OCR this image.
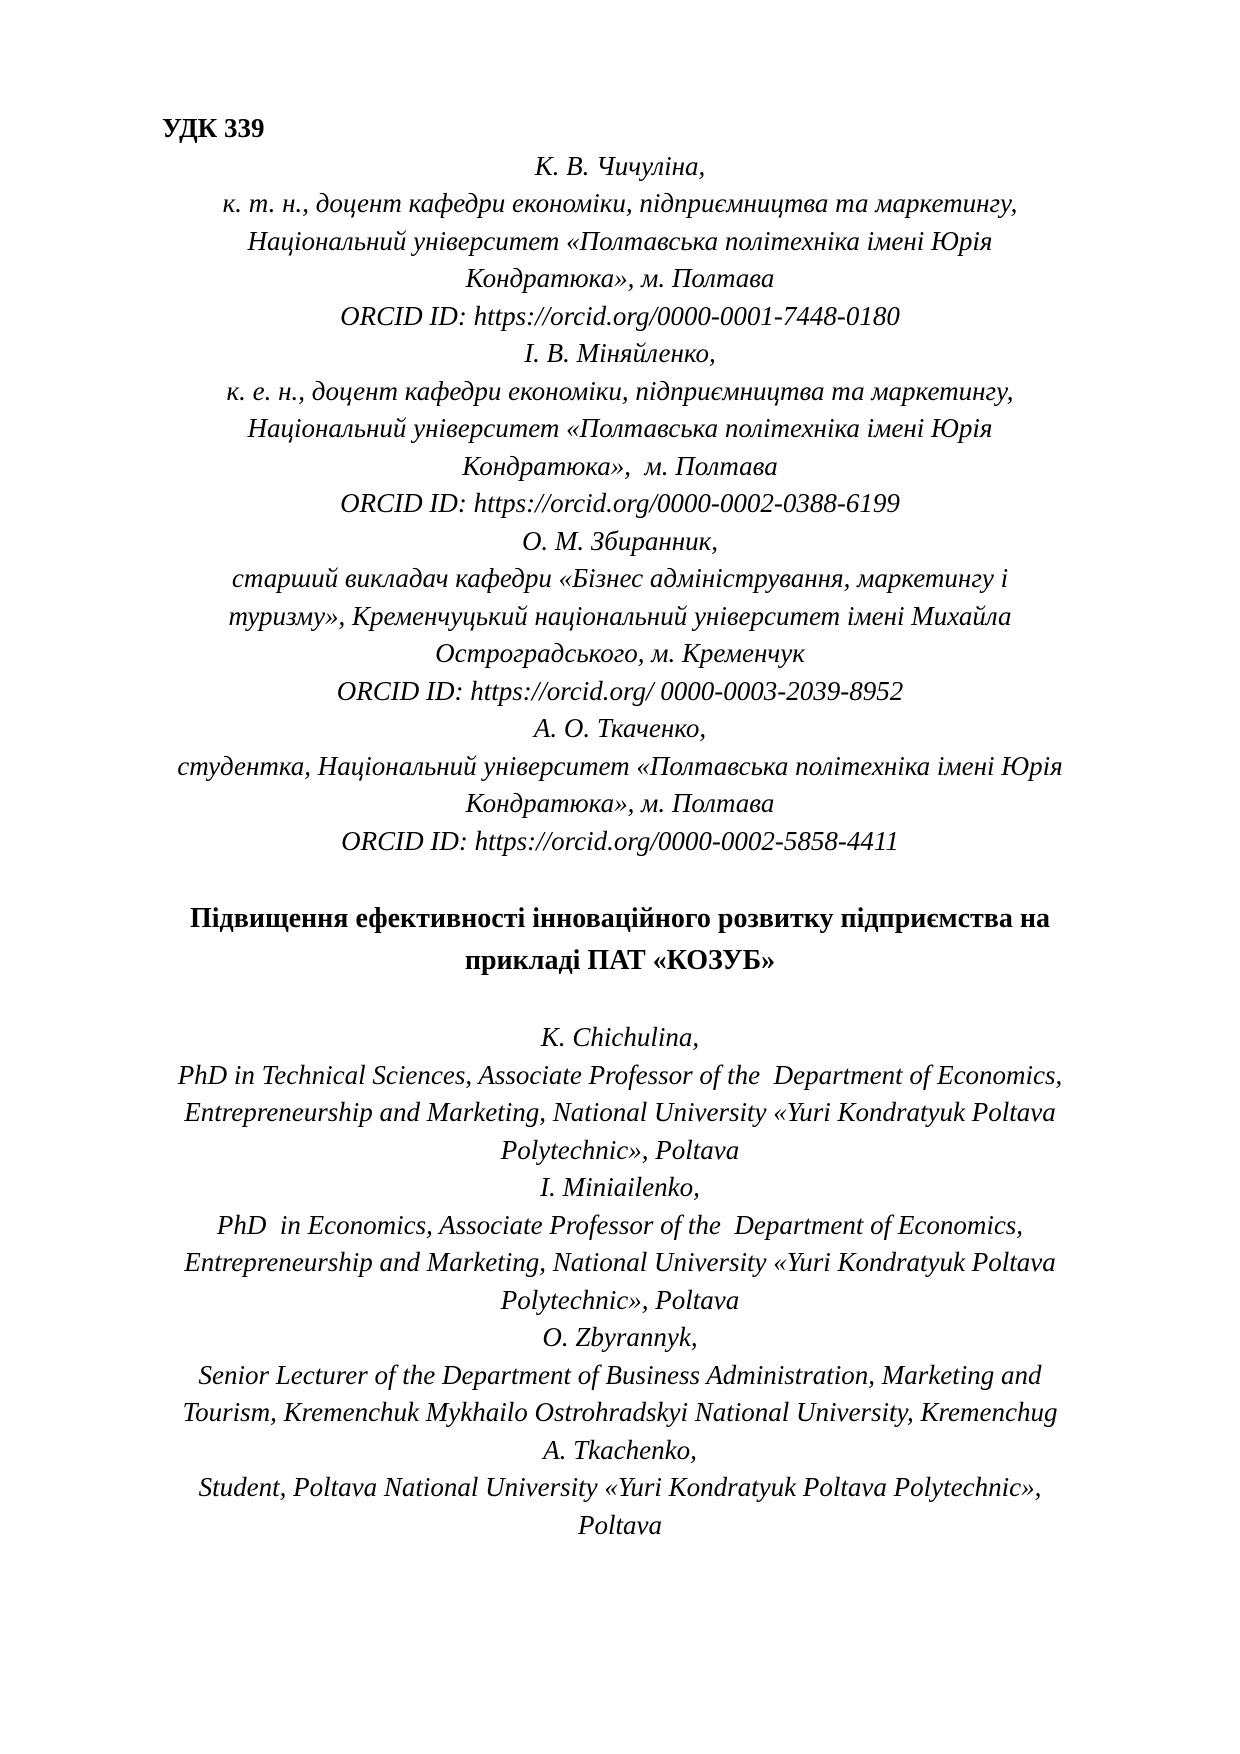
УДК 339
К. В. Чичуліна,
к. т. н., доцент кафедри економіки, підприємництва та маркетингу,
Національний університет «Полтавська політехніка імені Юрія
Кондратюка», м. Полтава
ORCID ID: https://orcid.org/0000-0001-7448-0180
І. В. Міняйленко,
к. е. н., доцент кафедри економіки, підприємництва та маркетингу,
Національний університет «Полтавська політехніка імені Юрія
Кондратюка»,  м. Полтава
ORCID ID: https://orcid.org/0000-0002-0388-6199
О. М. Збиранник,
старший викладач кафедри «Бізнес адміністрування, маркетингу і
туризму», Кременчуцький національний університет імені Михайла
Остроградського, м. Кременчук
ORCID ID: https://orcid.org/ 0000-0003-2039-8952
А. О. Ткаченко,
студентка, Національний університет «Полтавська політехніка імені Юрія
Кондратюка», м. Полтава
ORCID ID: https://orcid.org/0000-0002-5858-4411
Підвищення ефективності інноваційного розвитку підприємства на
прикладі ПАТ «КОЗУБ»
K. Chichulina,
PhD in Technical Sciences, Associate Professor of the  Department of Economics,
Entrepreneurship and Marketing, National University «Yuri Kondratyuk Poltava
Polytechnic», Poltava
I. Miniailenko,
PhD  in Economics, Associate Professor of the  Department of Economics,
Entrepreneurship and Marketing, National University «Yuri Kondratyuk Poltava
Polytechnic», Poltava
O. Zbyrannyk,
Senior Lecturer of the Department of Business Administration, Marketing and
Tourism, Kremenchuk Mykhailo Ostrohradskyi National University, Kremenchug
A. Tkachenko,
Student, Poltava National University «Yuri Kondratyuk Poltava Polytechnic»,
Poltava
